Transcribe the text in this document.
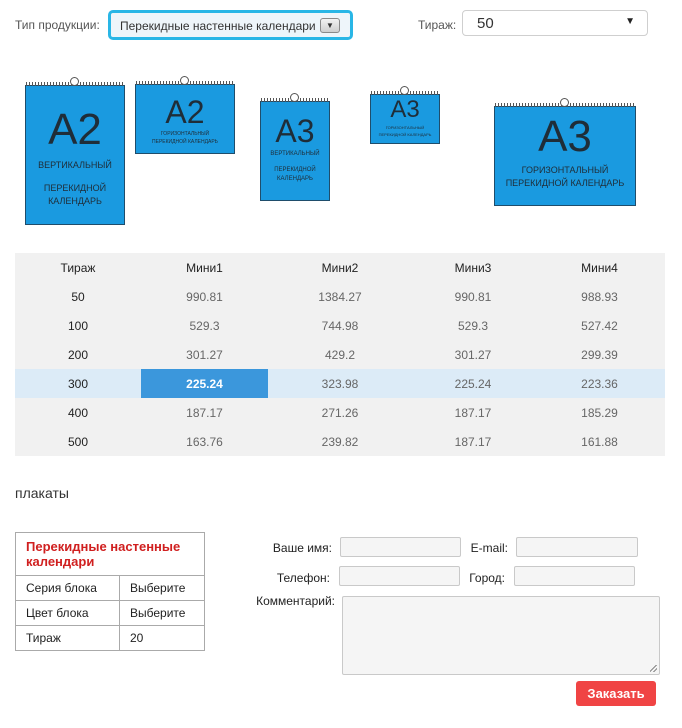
Тип продукции: Перекидные настенные календари	▼	Тираж: 50	▼
A2
ВЕРТИКАЛЬНЫЙ
ПЕРЕКИДНОЙ КАЛЕНДАРЬ
A2
ГОРИЗОНТАЛЬНЫЙ
ПЕРЕКИДНОЙ КАЛЕНДАРЬ	A3
ВЕРТИКАЛЬНЫЙ
ПЕРЕКИДНОЙ КАЛЕНДАРЬ
A3
ГОРИЗОНТАЛЬНЫЙ
ПЕРЕКИДНОЙ КАЛЕНДАРЬ	A3
ГОРИЗОНТАЛЬНЫЙ
ПЕРЕКИДНОЙ КАЛЕНДАРЬ
Тираж	Мини1	Мини2	Мини3	Мини4
50	990.81	1384.27	990.81	988.93
100	529.3	744.98	529.3	527.42
200	301.27	429.2	301.27	299.39
300	225.24	323.98	225.24	223.36
400	187.17	271.26	187.17	185.29
500	163.76	239.82	187.17	161.88
плакаты
Перекидные настенные календари	
Серия блока	Выберите
Цвет блока	Выберите
Тираж	20
Ваше имя:	E-mail:
Телефон:	Город:
Комментарий:
Заказать
